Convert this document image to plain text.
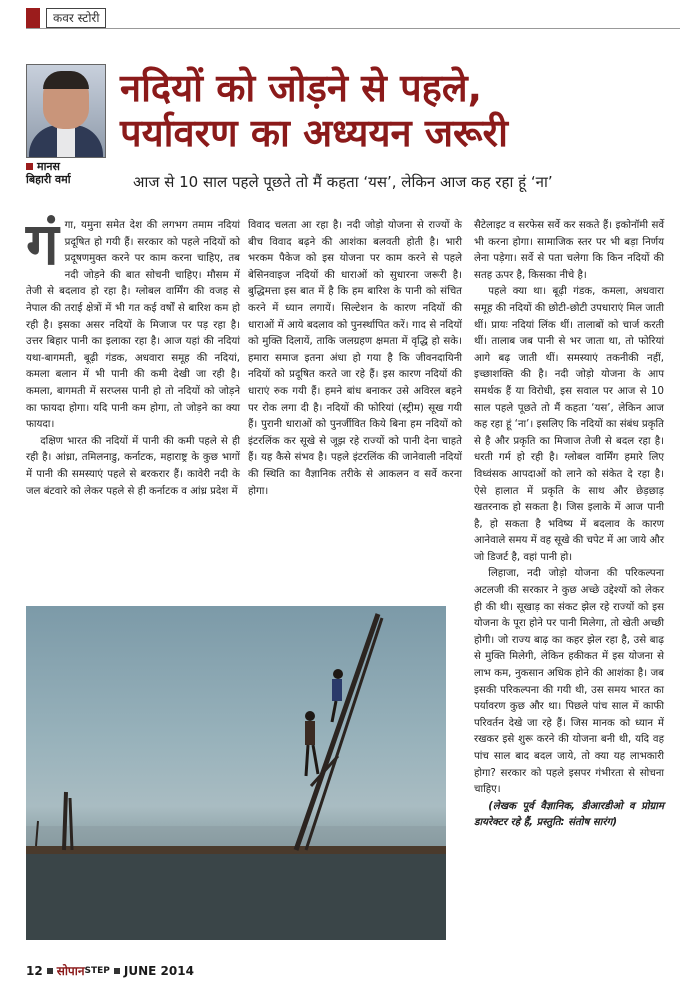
कवर स्टोरी
मानस
बिहारी वर्मा
नदियों को जोड़ने से पहले,
पर्यावरण का अध्ययन जरूरी
आज से 10 साल पहले पूछते तो मैं कहता ‘यस’, लेकिन आज कह रहा हूं ‘ना’

गंगा, यमुना समेत देश की लगभग तमाम नदियां प्रदूषित हो गयी हैं। सरकार को पहले नदियों को प्रदूषणमुक्त करने पर काम करना चाहिए, तब नदी जोड़ने की बात सोचनी चाहिए। मौसम में तेजी से बदलाव हो रहा है। ग्लोबल वार्मिंग की वजह से नेपाल की तराई क्षेत्रों में भी गत कई वर्षों से बारिश कम हो रही है। इसका असर नदियों के मिजाज पर पड़ रहा है। उत्तर बिहार पानी का इलाका रहा है। आज यहां की नदियां यथा-बागमती, बूढ़ी गंडक, अधवारा समूह की नदियां, कमला बलान में भी पानी की कमी देखी जा रही है। कमला, बागमती में सरप्लस पानी हो तो नदियों को जोड़ने का फायदा होगा। यदि पानी कम होगा, तो जोड़ने का क्या फायदा।

दक्षिण भारत की नदियों में पानी की कमी पहले से ही रही है। आंध्रा, तमिलनाडु, कर्नाटक, महाराष्ट्र के कुछ भागों में पानी की समस्याएं पहले से बरकरार हैं। कावेरी नदी के जल बंटवारे को लेकर पहले से ही कर्नाटक व आंध्र प्रदेश में

विवाद चलता आ रहा है। नदी जोड़ो योजना से राज्यों के बीच विवाद बढ़ने की आशंका बलवती होती है। भारी भरकम पैकेज को इस योजना पर काम करने से पहले बेसिनवाइज नदियों की धाराओं को सुधारना जरूरी है। बुद्धिमत्ता इस बात में है कि हम बारिश के पानी को संचित करने में ध्यान लगायें। सिल्टेशन के कारण नदियों की धाराओं में आये बदलाव को पुनर्स्थापित करें। गाद से नदियों को मुक्ति दिलायें, ताकि जलग्रहण क्षमता में वृद्धि हो सके। हमारा समाज इतना अंधा हो गया है कि जीवनदायिनी नदियों को प्रदूषित करते जा रहे हैं। इस कारण नदियों की धाराएं रुक गयी हैं। हमने बांध बनाकर उसे अविरल बहने पर रोक लगा दी है। नदियों की फोरियां (स्ट्रीम) सूख गयी हैं। पुरानी धाराओं को पुनर्जीवित किये बिना हम नदियों को इंटरलिंक कर सूखे से जूझ रहे राज्यों को पानी देना चाहते हैं। यह कैसे संभव है। पहले इंटरलिंक की जानेवाली नदियों की स्थिति का वैज्ञानिक तरीके से आकलन व सर्वे करना होगा।

सैटेलाइट व सरफेस सर्वे कर सकते हैं। इकोनॉमी सर्वे भी करना होगा। सामाजिक स्तर पर भी बड़ा निर्णय लेना पड़ेगा। सर्वे से पता चलेगा कि किन नदियों की सतह ऊपर है, किसका नीचे है।

पहले क्या था। बूढ़ी गंडक, कमला, अधवारा समूह की नदियों की छोटी-छोटी उपधाराएं मिल जाती थीं। प्रायः नदियां लिंक थीं। तालाबों को चार्ज करती थीं। तालाब जब पानी से भर जाता था, तो फोरियां आगे बढ़ जाती थीं। समस्याएं तकनीकी नहीं, इच्छाशक्ति की है। नदी जोड़ो योजना के आप समर्थक हैं या विरोधी, इस सवाल पर आज से 10 साल पहले पूछते तो मैं कहता ‘यस’, लेकिन आज कह रहा हूं ‘ना’। इसलिए कि नदियों का संबंध प्रकृति से है और प्रकृति का मिजाज तेजी से बदल रहा है। धरती गर्म हो रही है। ग्लोबल वार्मिंग हमारे लिए विध्वंसक आपदाओं को लाने को संकेत दे रहा है। ऐसे हालात में प्रकृति के साथ और छेड़छाड़ खतरनाक हो सकता है। जिस इलाके में आज पानी है, हो सकता है भविष्य में बदलाव के कारण आनेवाले समय में वह सूखे की चपेट में आ जाये और जो डिजर्ट है, वहां पानी हो।

लिहाजा, नदी जोड़ो योजना की परिकल्पना अटलजी की सरकार ने कुछ अच्छे उद्देश्यों को लेकर ही की थी। सूखाड़ का संकट झेल रहे राज्यों को इस योजना के पूरा होने पर पानी मिलेगा, तो खेती अच्छी होगी। जो राज्य बाढ़ का कहर झेल रहा है, उसे बाढ़ से मुक्ति मिलेगी, लेकिन हकीकत में इस योजना से लाभ कम, नुकसान अधिक होने की आशंका है। जब इसकी परिकल्पना की गयी थी, उस समय भारत का पर्यावरण कुछ और था। पिछले पांच साल में काफी परिवर्तन देखे जा रहे हैं। जिस मानक को ध्यान में रखकर इसे शुरू करने की योजना बनी थी, यदि वह पांच साल बाद बदल जाये, तो क्या यह लाभकारी होगा? सरकार को पहले इसपर गंभीरता से सोचना चाहिए।

(लेखक पूर्व वैज्ञानिक, डीआरडीओ व प्रोग्राम डायरेक्टर रहे हैं, प्रस्तुति: संतोष सारंग)

12 सोपान STEP JUNE 2014
